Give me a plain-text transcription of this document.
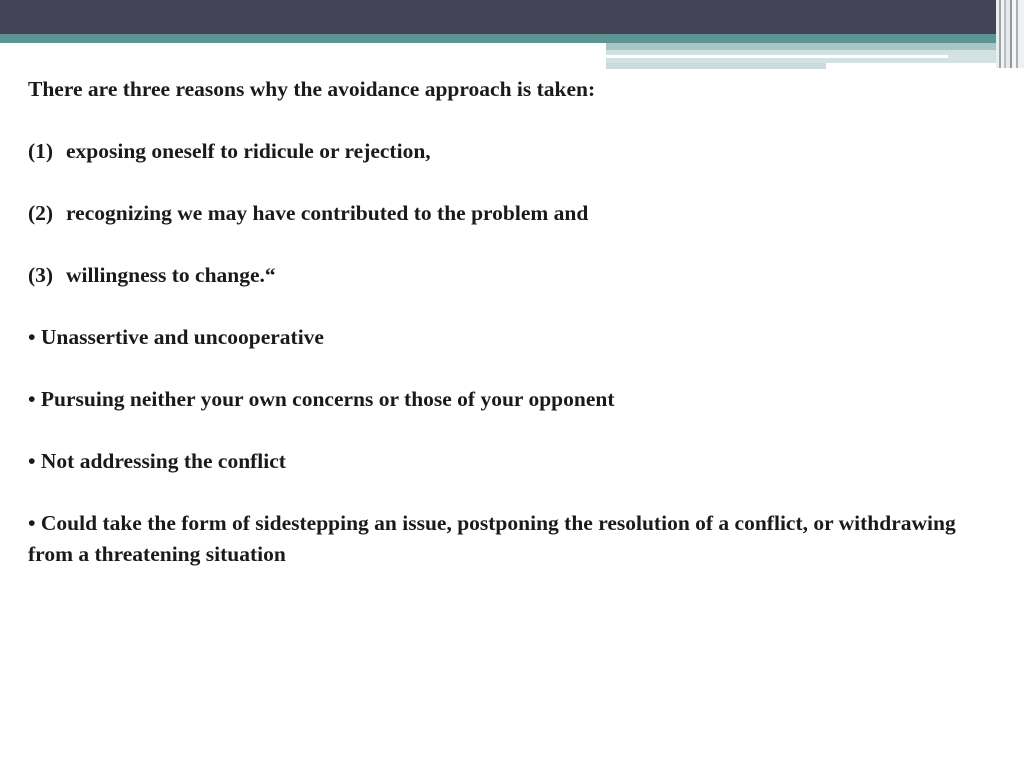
There are three reasons why the avoidance approach is taken:

(1) exposing oneself to ridicule or rejection,
(2) recognizing we may have contributed to the problem and
(3) willingness to change.“

• Unassertive and uncooperative

• Pursuing neither your own concerns or those of your opponent

• Not addressing the conflict

• Could take the form of sidestepping an issue, postponing the resolution of a conflict, or withdrawing from a threatening situation
